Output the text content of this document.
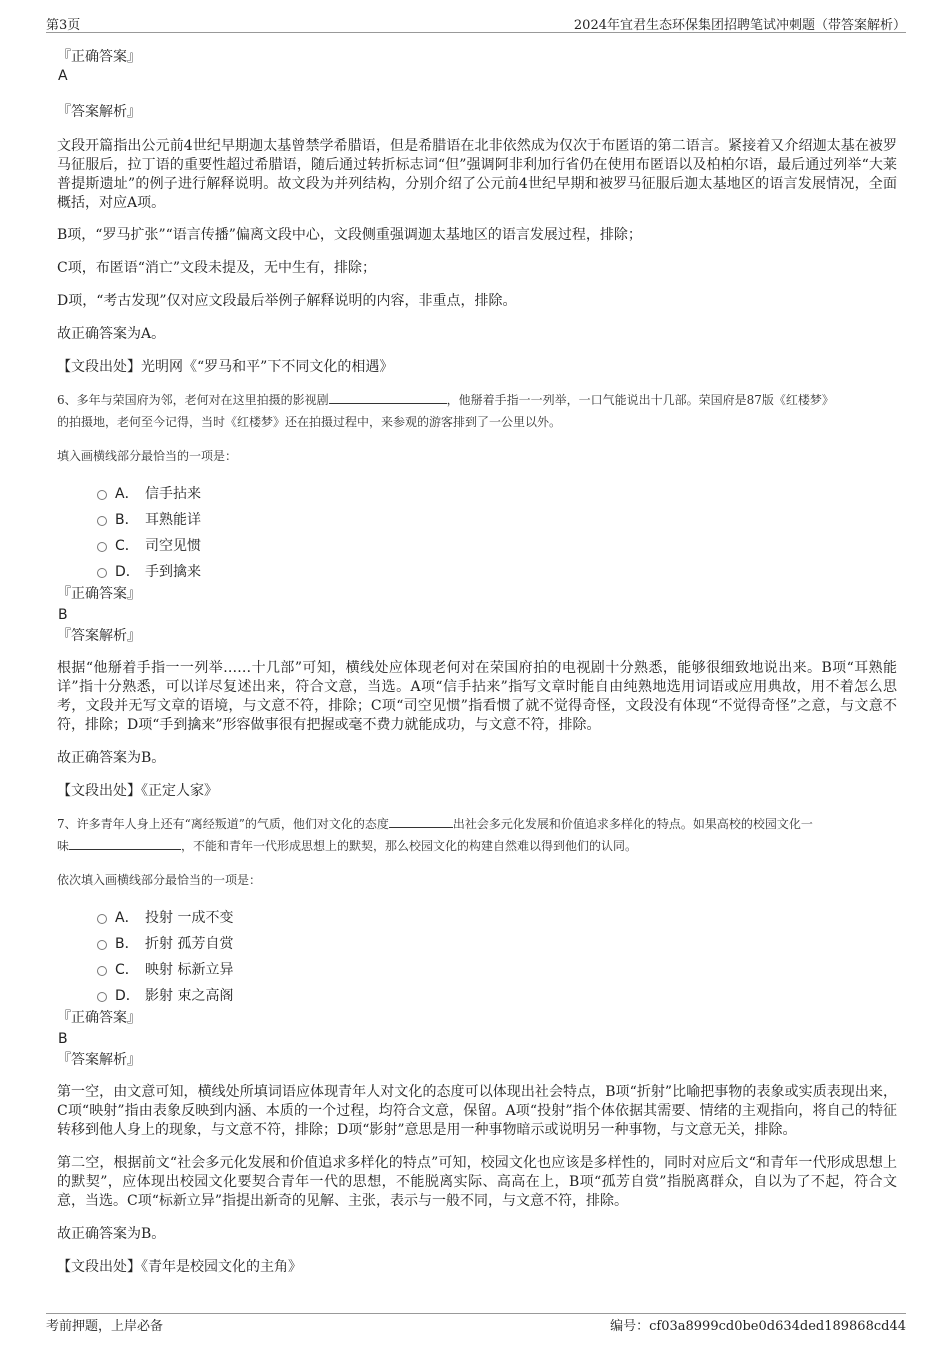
第3页	2024年宜君生态环保集团招聘笔试冲刺题（带答案解析）

『正确答案』

A

『答案解析』

文段开篇指出公元前4世纪早期迦太基曾禁学希腊语，但是希腊语在北非依然成为仅次于布匿语的第二语言。紧接着又介绍迦太基在被罗马征服后，拉丁语的重要性超过希腊语，随后通过转折标志词“但”强调阿非利加行省仍在使用布匿语以及柏柏尔语，最后通过列举“大莱普提斯遗址”的例子进行解释说明。故文段为并列结构，分别介绍了公元前4世纪早期和被罗马征服后迦太基地区的语言发展情况，全面概括，对应A项。

B项，“罗马扩张”“语言传播”偏离文段中心，文段侧重强调迦太基地区的语言发展过程，排除；

C项，布匿语“消亡”文段未提及，无中生有，排除；

D项，“考古发现”仅对应文段最后举例子解释说明的内容，非重点，排除。

故正确答案为A。

【文段出处】光明网《“罗马和平”下不同文化的相遇》

6、多年与荣国府为邻，老何对在这里拍摄的影视剧	，他掰着手指一一列举，一口气能说出十几部。荣国府是87版《红楼梦》
的拍摄地，老何至今记得，当时《红楼梦》还在拍摄过程中，来参观的游客排到了一公里以外。

填入画横线部分最恰当的一项是：

A． 信手拈来
B． 耳熟能详
C． 司空见惯
D． 手到擒来

『正确答案』

B

『答案解析』

根据“他掰着手指一一列举……十几部”可知，横线处应体现老何对在荣国府拍的电视剧十分熟悉，能够很细致地说出来。B项“耳熟能详”指十分熟悉，可以详尽复述出来，符合文意，当选。A项“信手拈来”指写文章时能自由纯熟地选用词语或应用典故，用不着怎么思考，文段并无写文章的语境，与文意不符，排除；C项“司空见惯”指看惯了就不觉得奇怪，文段没有体现“不觉得奇怪”之意，与文意不符，排除；D项“手到擒来”形容做事很有把握或毫不费力就能成功，与文意不符，排除。

故正确答案为B。

【文段出处】《正定人家》

7、许多青年人身上还有“离经叛道”的气质，他们对文化的态度	出社会多元化发展和价值追求多样化的特点。如果高校的校园文化一
味	，不能和青年一代形成思想上的默契，那么校园文化的构建自然难以得到他们的认同。

依次填入画横线部分最恰当的一项是：

A． 投射 一成不变
B． 折射 孤芳自赏
C． 映射 标新立异
D． 影射 束之高阁

『正确答案』

B

『答案解析』

第一空，由文意可知，横线处所填词语应体现青年人对文化的态度可以体现出社会特点，B项“折射”比喻把事物的表象或实质表现出来，C项“映射”指由表象反映到内涵、本质的一个过程，均符合文意，保留。A项“投射”指个体依据其需要、情绪的主观指向，将自己的特征转移到他人身上的现象，与文意不符，排除；D项“影射”意思是用一种事物暗示或说明另一种事物，与文意无关，排除。

第二空，根据前文“社会多元化发展和价值追求多样化的特点”可知，校园文化也应该是多样性的，同时对应后文“和青年一代形成思想上的默契”，应体现出校园文化要契合青年一代的思想，不能脱离实际、高高在上，B项“孤芳自赏”指脱离群众，自以为了不起，符合文意，当选。C项“标新立异”指提出新奇的见解、主张，表示与一般不同，与文意不符，排除。

故正确答案为B。

【文段出处】《青年是校园文化的主角》

考前押题，上岸必备	编号：cf03a8999cd0be0d634ded189868cd44
